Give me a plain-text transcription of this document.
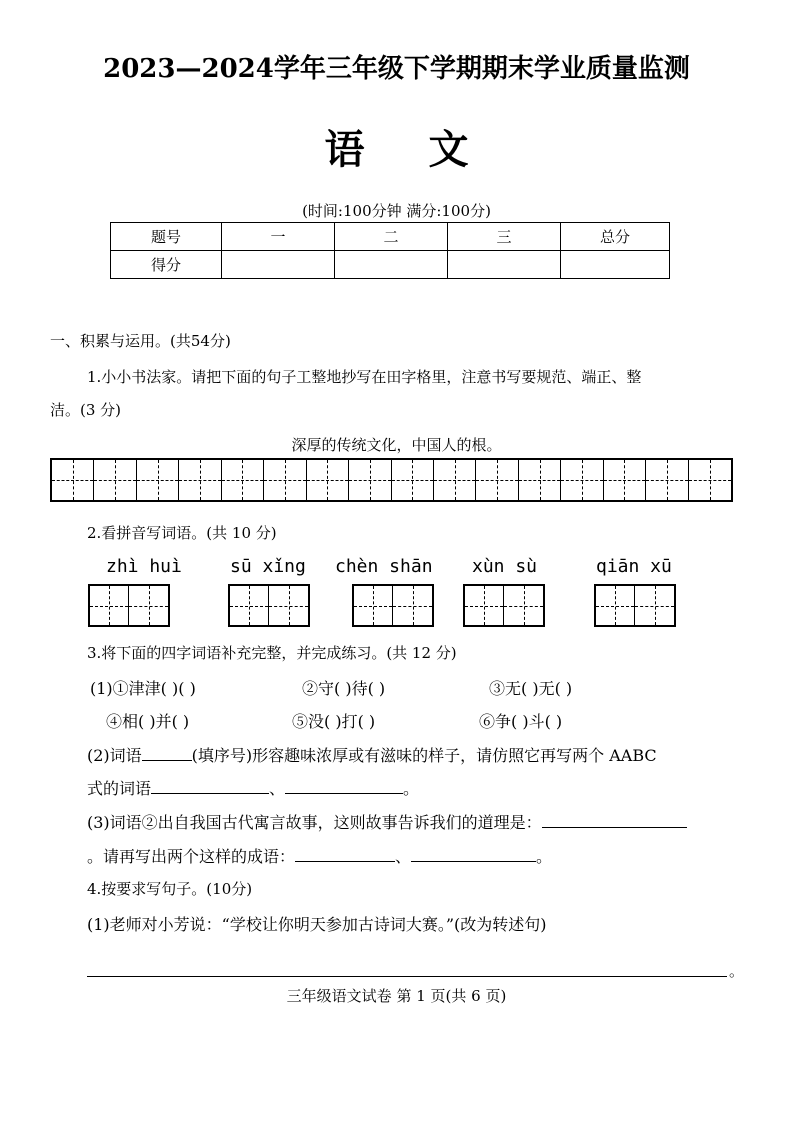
2023—2024学年三年级下学期期末学业质量监测
语文
(时间:100分钟 满分:100分)
题号	一	二	三	总分
得分				
一、积累与运用。(共54分)
1.小小书法家。请把下面的句子工整地抄写在田字格里，注意书写要规范、端正、整
洁。(3 分)
深厚的传统文化，中国人的根。
2.看拼音写词语。(共 10 分)
zhì huì	sū xǐng chèn shān xùn sù	qiān xū
3.将下面的四字词语补充完整，并完成练习。(共 12 分)
(1)①津津( )( )	②守( )待( )	③无( )无( )
④相( )并( )	⑤没( )打( )	⑥争( )斗( )
(2)词语	(填序号)形容趣味浓厚或有滋味的样子，请仿照它再写两个 AABC
式的词语	、	。
(3)词语②出自我国古代寓言故事，这则故事告诉我们的道理是：
。请再写出两个这样的成语：	、	。
4.按要求写句子。(10分)
(1)老师对小芳说：“学校让你明天参加古诗词大赛。”(改为转述句)
。
三年级语文试卷 第 1 页(共 6 页)
